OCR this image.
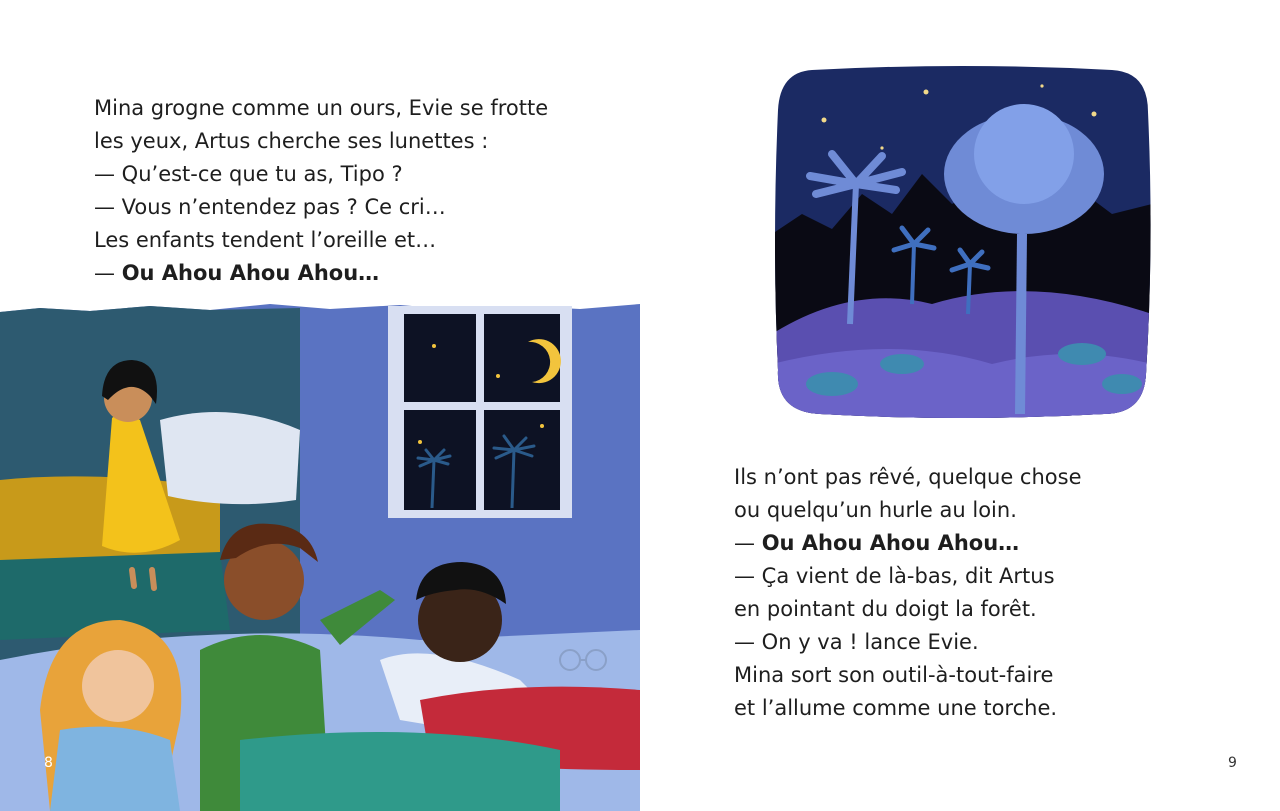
Mina grogne comme un ours, Evie se frotte

les yeux, Artus cherche ses lunettes :

— Qu’est-ce que tu as, Tipo ?

— Vous n’entendez pas ? Ce cri…

Les enfants tendent l’oreille et…

— Ou Ahou Ahou Ahou…

8

Ils n’ont pas rêvé, quelque chose

ou quelqu’un hurle au loin.

— Ou Ahou Ahou Ahou…

— Ça vient de là-bas, dit Artus

en pointant du doigt la forêt.

— On y va ! lance Evie.

Mina sort son outil-à-tout-faire

et l’allume comme une torche.

9
